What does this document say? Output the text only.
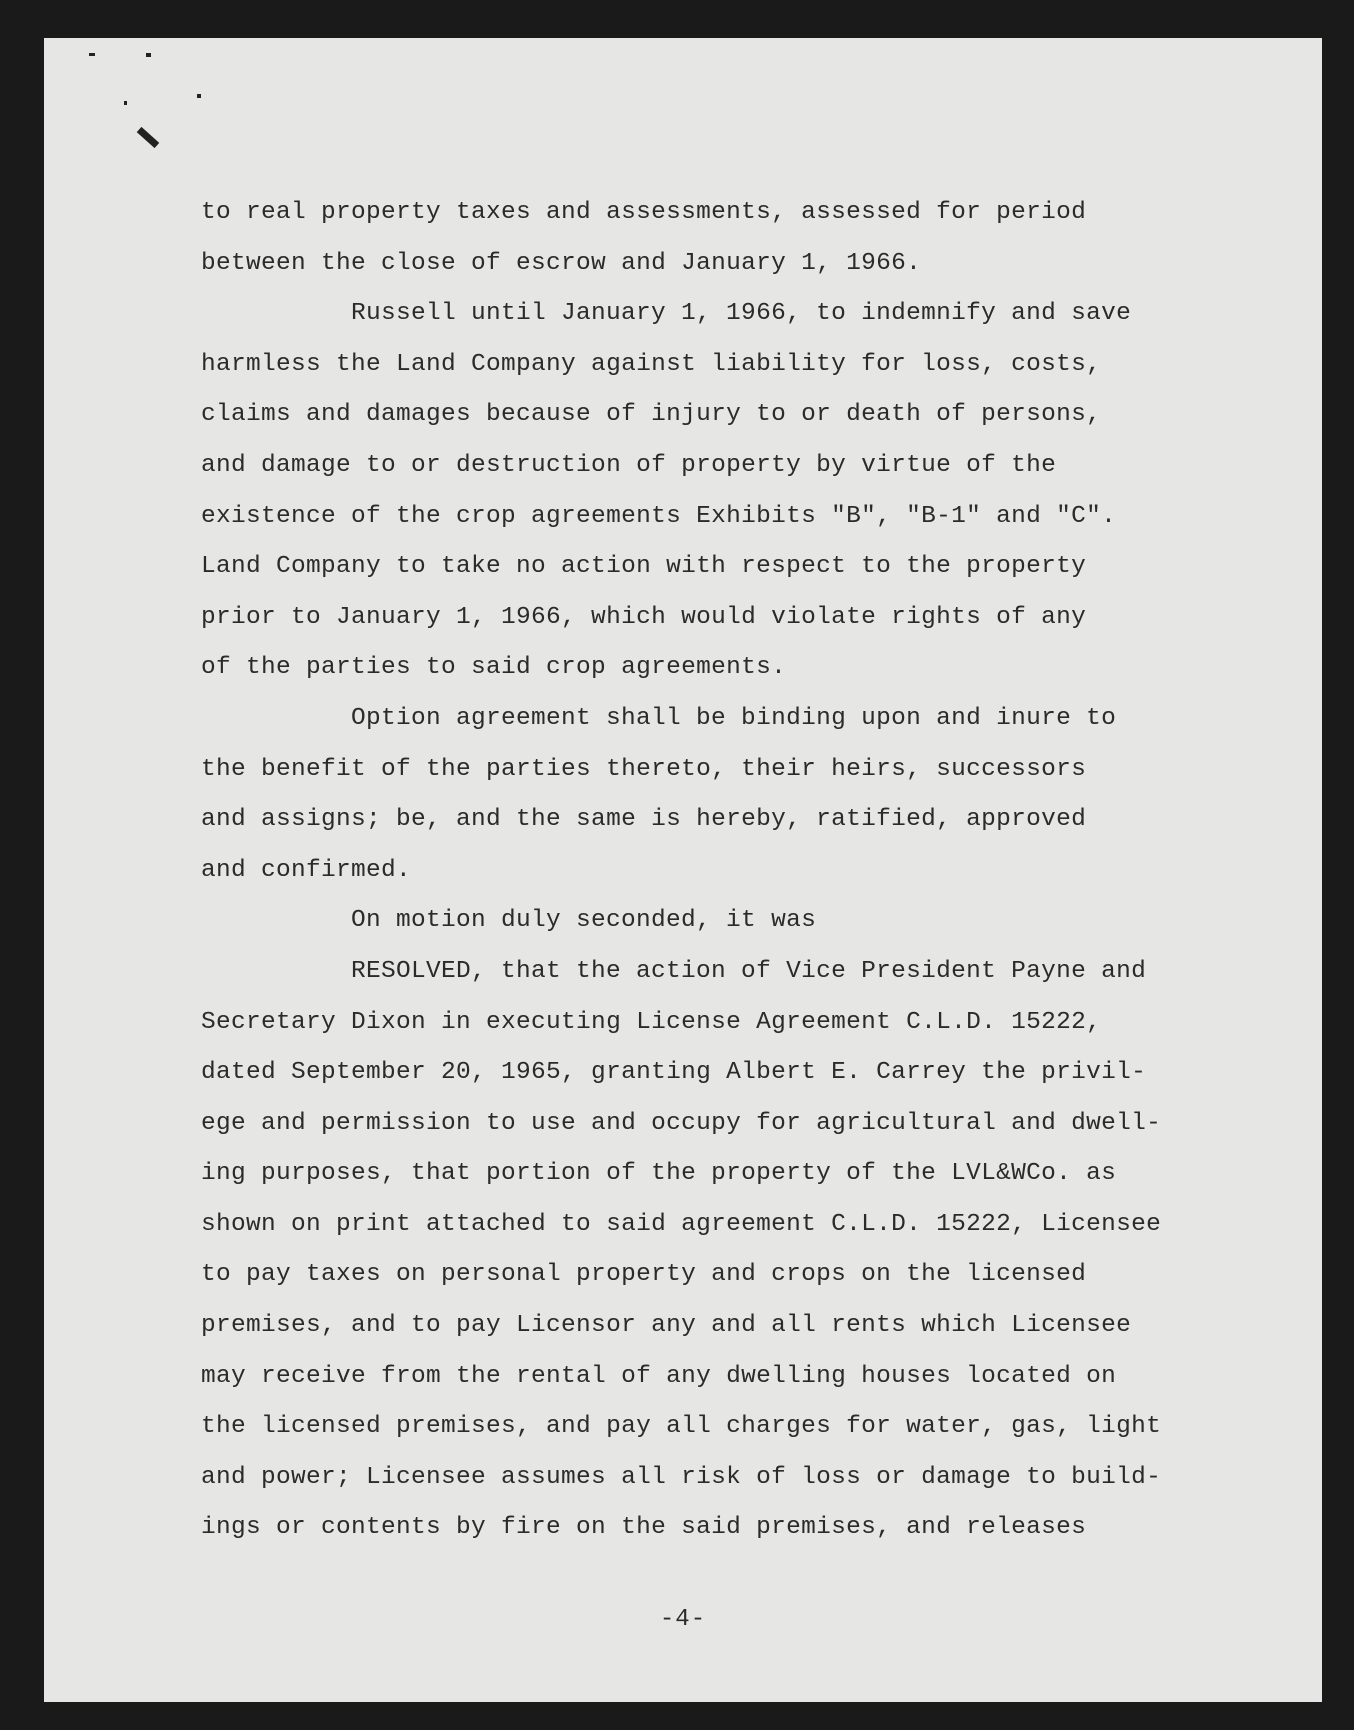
to real property taxes and assessments, assessed for period
between the close of escrow and January 1, 1966.
Russell until January 1, 1966, to indemnify and save
harmless the Land Company against liability for loss, costs,
claims and damages because of injury to or death of persons,
and damage to or destruction of property by virtue of the
existence of the crop agreements Exhibits "B", "B-1" and "C".
Land Company to take no action with respect to the property
prior to January 1, 1966, which would violate rights of any
of the parties to said crop agreements.
Option agreement shall be binding upon and inure to
the benefit of the parties thereto, their heirs, successors
and assigns; be, and the same is hereby, ratified, approved
and confirmed.
On motion duly seconded, it was
RESOLVED, that the action of Vice President Payne and
Secretary Dixon in executing License Agreement C.L.D. 15222,
dated September 20, 1965, granting Albert E. Carrey the privil-
ege and permission to use and occupy for agricultural and dwell-
ing purposes, that portion of the property of the LVL&WCo. as
shown on print attached to said agreement C.L.D. 15222, Licensee
to pay taxes on personal property and crops on the licensed
premises, and to pay Licensor any and all rents which Licensee
may receive from the rental of any dwelling houses located on
the licensed premises, and pay all charges for water, gas, light
and power; Licensee assumes all risk of loss or damage to build-
ings or contents by fire on the said premises, and releases
-4-
